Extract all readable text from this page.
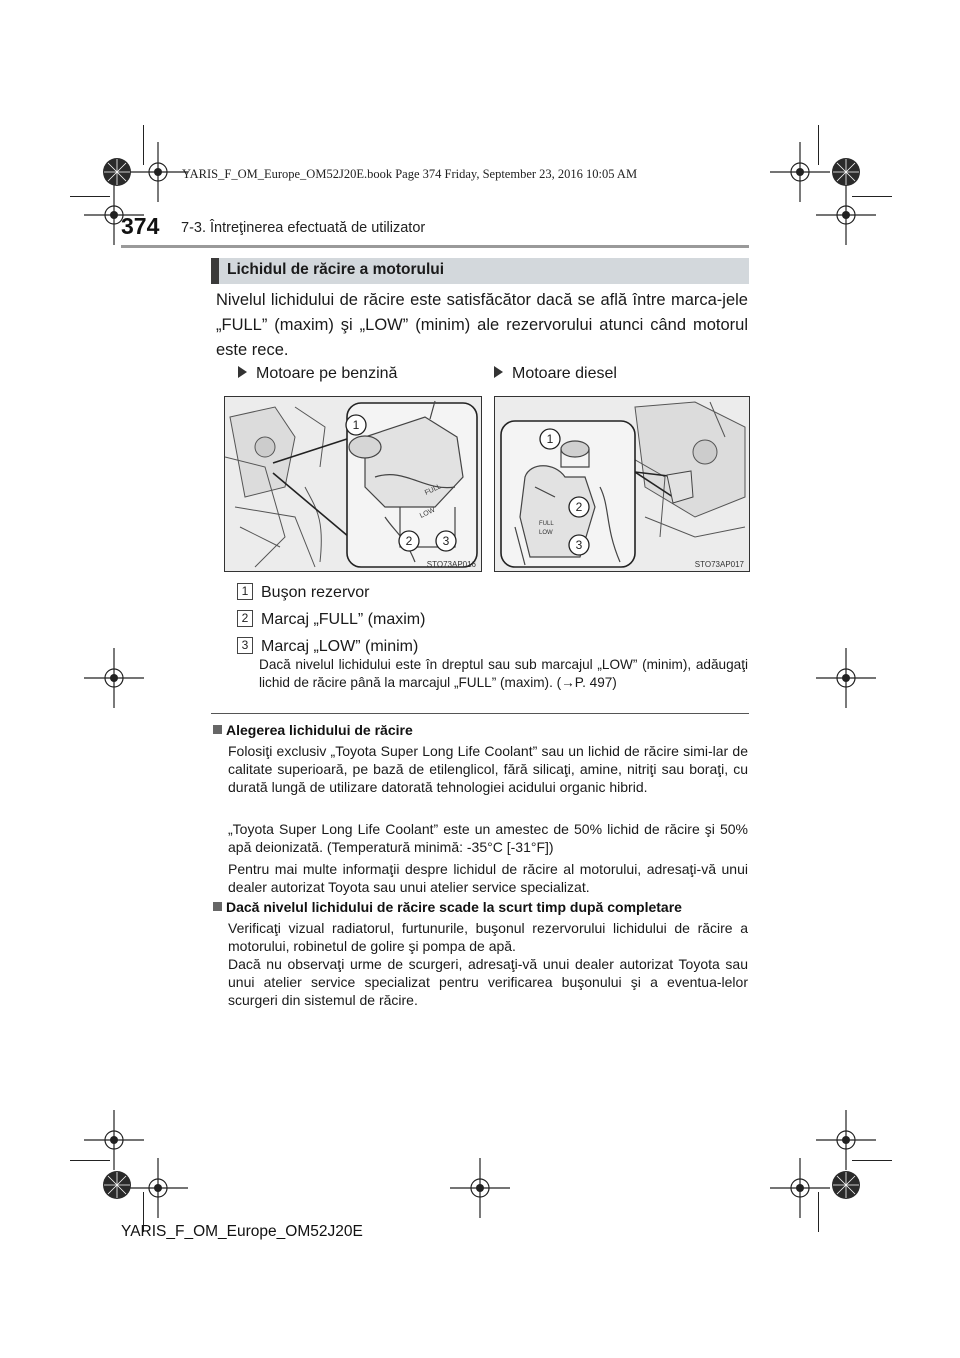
YARIS_F_OM_Europe_OM52J20E.book Page 374 Friday, September 23, 2016 10:05 AM
374 7-3. Întreţinerea efectuată de utilizator
Lichidul de răcire a motorului
Nivelul lichidului de răcire este satisfăcător dacă se află între marca-jele „FULL” (maxim) şi „LOW” (minim) ale rezervorului atunci când motorul este rece.
Motoare pe benzină	Motoare diesel
FULL
LOW
1
2	3
STO73AP016
FULL
LOW
1
2
3
STO73AP017
1 Buşon rezervor
2 Marcaj „FULL” (maxim)
3 Marcaj „LOW” (minim)
Dacă nivelul lichidului este în dreptul sau sub marcajul „LOW” (minim), adăugaţi lichid de răcire până la marcajul „FULL” (maxim). (→P. 497)
Alegerea lichidului de răcire
Folosiţi exclusiv „Toyota Super Long Life Coolant” sau un lichid de răcire simi-lar de calitate superioară, pe bază de etilenglicol, fără silicaţi, amine, nitriţi sau boraţi, cu durată lungă de utilizare datorată tehnologiei acidului organic hibrid.
„Toyota Super Long Life Coolant” este un amestec de 50% lichid de răcire şi 50% apă deionizată. (Temperatură minimă: -35°C [-31°F])
Pentru mai multe informaţii despre lichidul de răcire al motorului, adresaţi-vă unui dealer autorizat Toyota sau unui atelier service specializat.
Dacă nivelul lichidului de răcire scade la scurt timp după completare
Verificaţi vizual radiatorul, furtunurile, buşonul rezervorului lichidului de răcire a motorului, robinetul de golire şi pompa de apă.
Dacă nu observaţi urme de scurgeri, adresaţi-vă unui dealer autorizat Toyota sau unui atelier service specializat pentru verificarea buşonului şi a eventua-lelor scurgeri din sistemul de răcire.
YARIS_F_OM_Europe_OM52J20E
